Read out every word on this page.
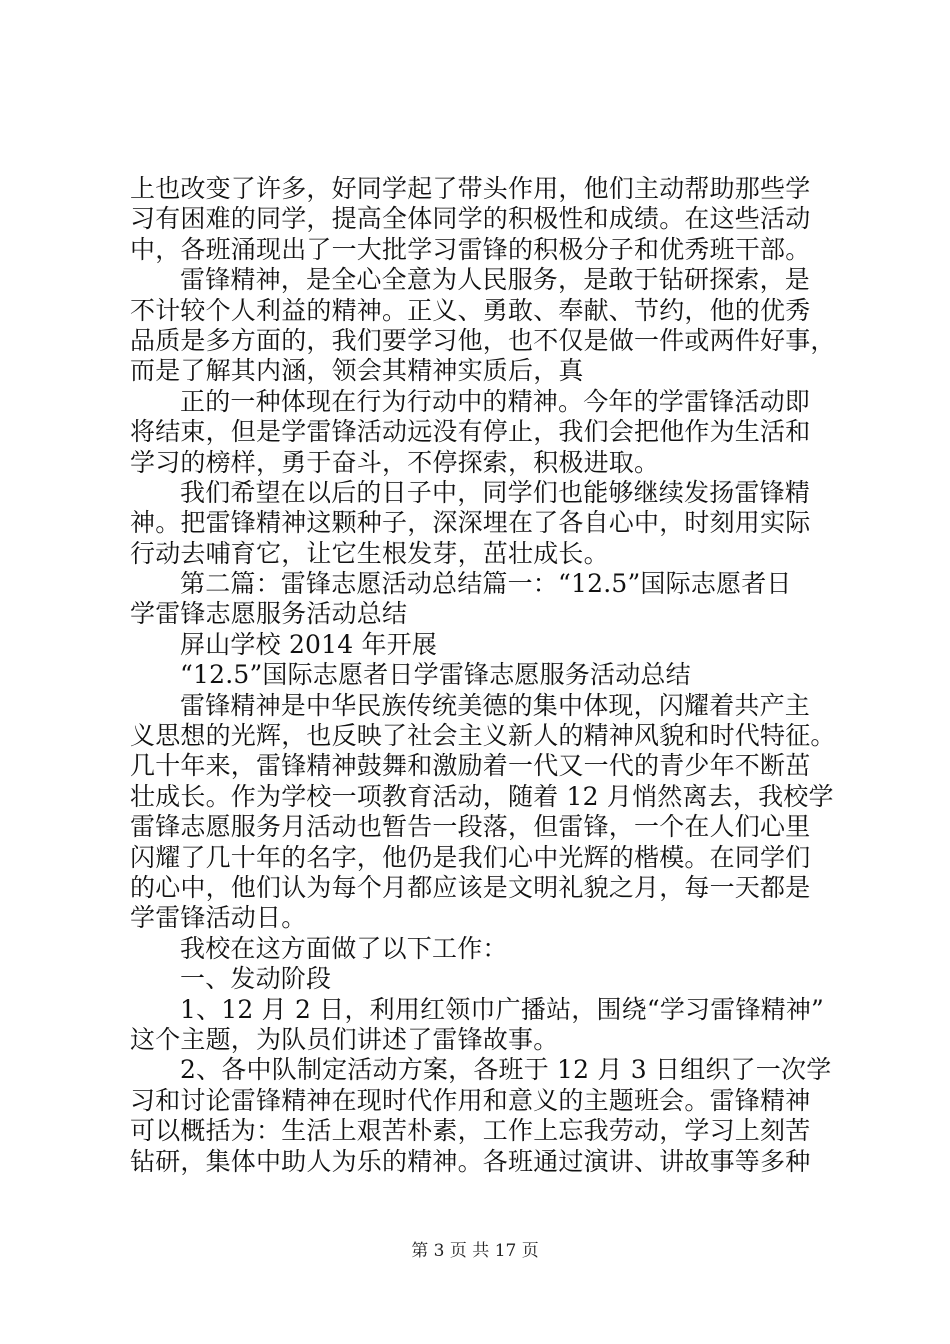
上也改变了许多，好同学起了带头作用，他们主动帮助那些学
习有困难的同学，提高全体同学的积极性和成绩。在这些活动
中，各班涌现出了一大批学习雷锋的积极分子和优秀班干部。
雷锋精神，是全心全意为人民服务，是敢于钻研探索，是
不计较个人利益的精神。正义、勇敢、奉献、节约，他的优秀
品质是多方面的，我们要学习他，也不仅是做一件或两件好事，
而是了解其内涵，领会其精神实质后，真
正的一种体现在行为行动中的精神。今年的学雷锋活动即
将结束，但是学雷锋活动远没有停止，我们会把他作为生活和
学习的榜样，勇于奋斗，不停探索，积极进取。
我们希望在以后的日子中，同学们也能够继续发扬雷锋精
神。把雷锋精神这颗种子，深深埋在了各自心中，时刻用实际
行动去哺育它，让它生根发芽，茁壮成长。
第二篇：雷锋志愿活动总结篇一：“12.5”国际志愿者日
学雷锋志愿服务活动总结
屏山学校 2014 年开展
“12.5”国际志愿者日学雷锋志愿服务活动总结
雷锋精神是中华民族传统美德的集中体现，闪耀着共产主
义思想的光辉，也反映了社会主义新人的精神风貌和时代特征。
几十年来，雷锋精神鼓舞和激励着一代又一代的青少年不断茁
壮成长。作为学校一项教育活动，随着 12 月悄然离去，我校学
雷锋志愿服务月活动也暂告一段落，但雷锋，一个在人们心里
闪耀了几十年的名字，他仍是我们心中光辉的楷模。在同学们
的心中，他们认为每个月都应该是文明礼貌之月，每一天都是
学雷锋活动日。
我校在这方面做了以下工作：
一、发动阶段
1、12 月 2 日，利用红领巾广播站，围绕“学习雷锋精神”
这个主题，为队员们讲述了雷锋故事。
2、各中队制定活动方案，各班于 12 月 3 日组织了一次学
习和讨论雷锋精神在现时代作用和意义的主题班会。雷锋精神
可以概括为：生活上艰苦朴素，工作上忘我劳动，学习上刻苦
钻研，集体中助人为乐的精神。各班通过演讲、讲故事等多种
第 3 页 共 17 页
